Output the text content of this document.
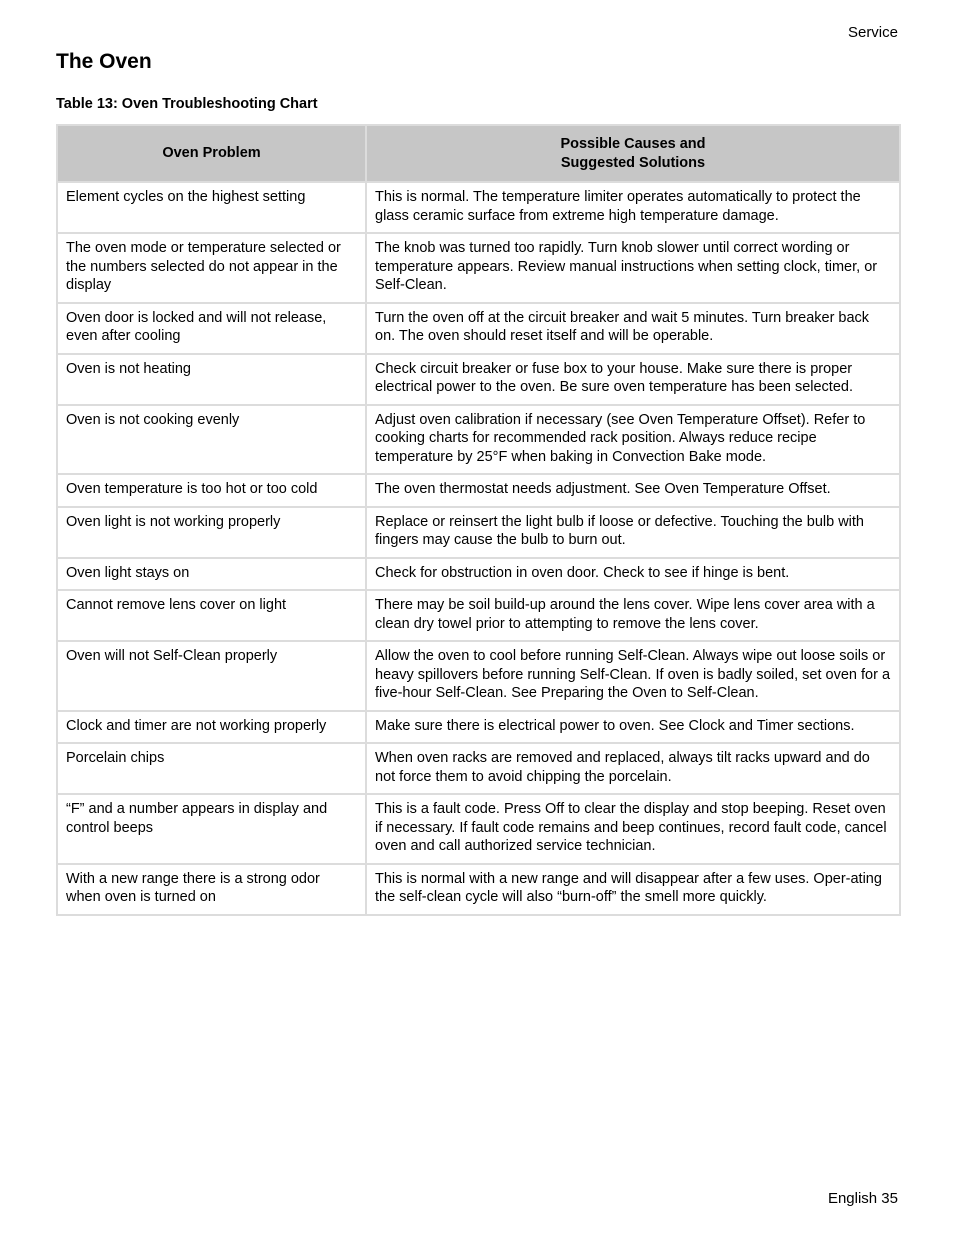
Service
The Oven
Table 13: Oven Troubleshooting Chart
Oven Problem	Possible Causes and
Suggested Solutions

Element cycles on the highest setting	This is normal. The temperature limiter operates automatically to protect the glass ceramic surface from extreme high temperature damage.
The oven mode or temperature selected or the numbers selected do not appear in the display	The knob was turned too rapidly. Turn knob slower until correct wording or temperature appears. Review manual instructions when setting clock, timer, or Self-Clean.
Oven door is locked and will not release, even after cooling	Turn the oven off at the circuit breaker and wait 5 minutes. Turn breaker back on. The oven should reset itself and will be operable.
Oven is not heating	Check circuit breaker or fuse box to your house. Make sure there is proper electrical power to the oven. Be sure oven temperature has been selected.
Oven is not cooking evenly	Adjust oven calibration if necessary (see Oven Temperature Offset). Refer to cooking charts for recommended rack position. Always reduce recipe temperature by 25°F when baking in Convection Bake mode.
Oven temperature is too hot or too cold	The oven thermostat needs adjustment. See Oven Temperature Offset.
Oven light is not working properly	Replace or reinsert the light bulb if loose or defective. Touching the bulb with fingers may cause the bulb to burn out.
Oven light stays on	Check for obstruction in oven door. Check to see if hinge is bent.
Cannot remove lens cover on light	There may be soil build-up around the lens cover. Wipe lens cover area with a clean dry towel prior to attempting to remove the lens cover.
Oven will not Self-Clean properly	Allow the oven to cool before running Self-Clean. Always wipe out loose soils or heavy spillovers before running Self-Clean. If oven is badly soiled, set oven for a five-hour Self-Clean. See Preparing the Oven to Self-Clean.
Clock and timer are not working properly	Make sure there is electrical power to oven. See Clock and Timer sections.
Porcelain chips	When oven racks are removed and replaced, always tilt racks upward and do not force them to avoid chipping the porcelain.
“F” and a number appears in display and control beeps	This is a fault code. Press Off to clear the display and stop beeping. Reset oven if necessary. If fault code remains and beep continues, record fault code, cancel oven and call authorized service technician.
With a new range there is a strong odor when oven is turned on	This is normal with a new range and will disappear after a few uses. Oper-ating the self-clean cycle will also “burn-off” the smell more quickly.
English 35
